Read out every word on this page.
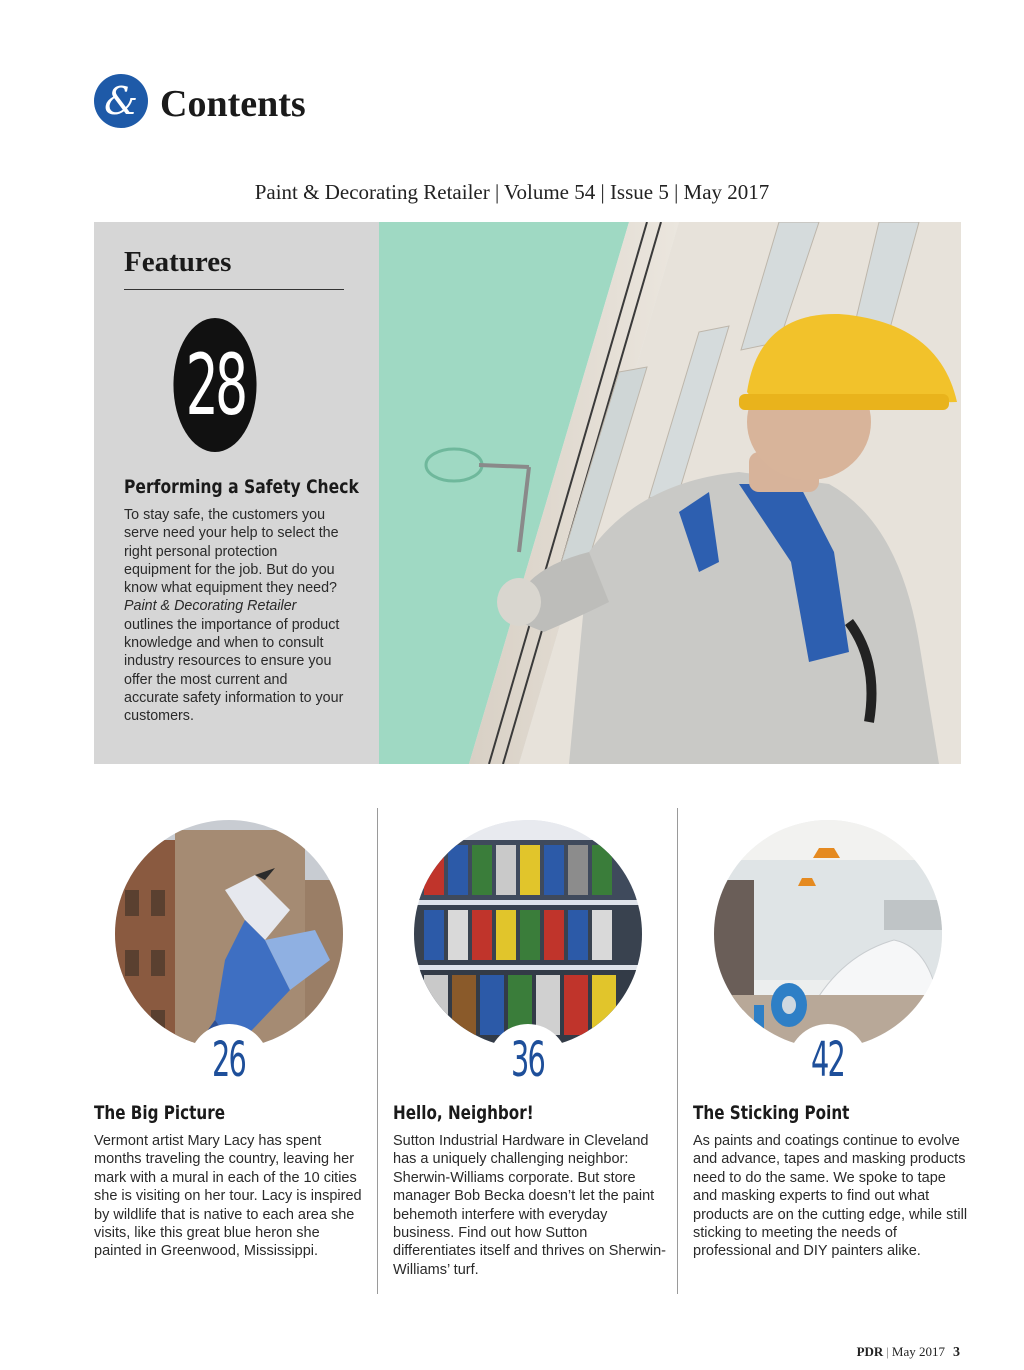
& Contents
Paint & Decorating Retailer | Volume 54 | Issue 5 | May 2017
Features
28
Performing a Safety Check

To stay safe, the customers you serve need your help to select the right personal protection equipment for the job. But do you know what equipment they need? Paint & Decorating Retailer outlines the importance of product knowledge and when to consult industry resources to ensure you offer the most current and accurate safety information to your customers.

26
The Big Picture

Vermont artist Mary Lacy has spent months traveling the country, leaving her mark with a mural in each of the 10 cities she is visiting on her tour. Lacy is inspired by wildlife that is native to each area she visits, like this great blue heron she painted in Greenwood, Mississippi.

36
Hello, Neighbor!

Sutton Industrial Hardware in Cleveland has a uniquely challenging neighbor: Sherwin-Williams corporate. But store manager Bob Becka doesn’t let the paint behemoth interfere with everyday business. Find out how Sutton differentiates itself and thrives on Sherwin-Williams’ turf.

42
The Sticking Point

As paints and coatings continue to evolve and advance, tapes and masking products need to do the same. We spoke to tape and masking experts to find out what products are on the cutting edge, while still sticking to meeting the needs of professional and DIY painters alike.

PDR | May 2017 3
